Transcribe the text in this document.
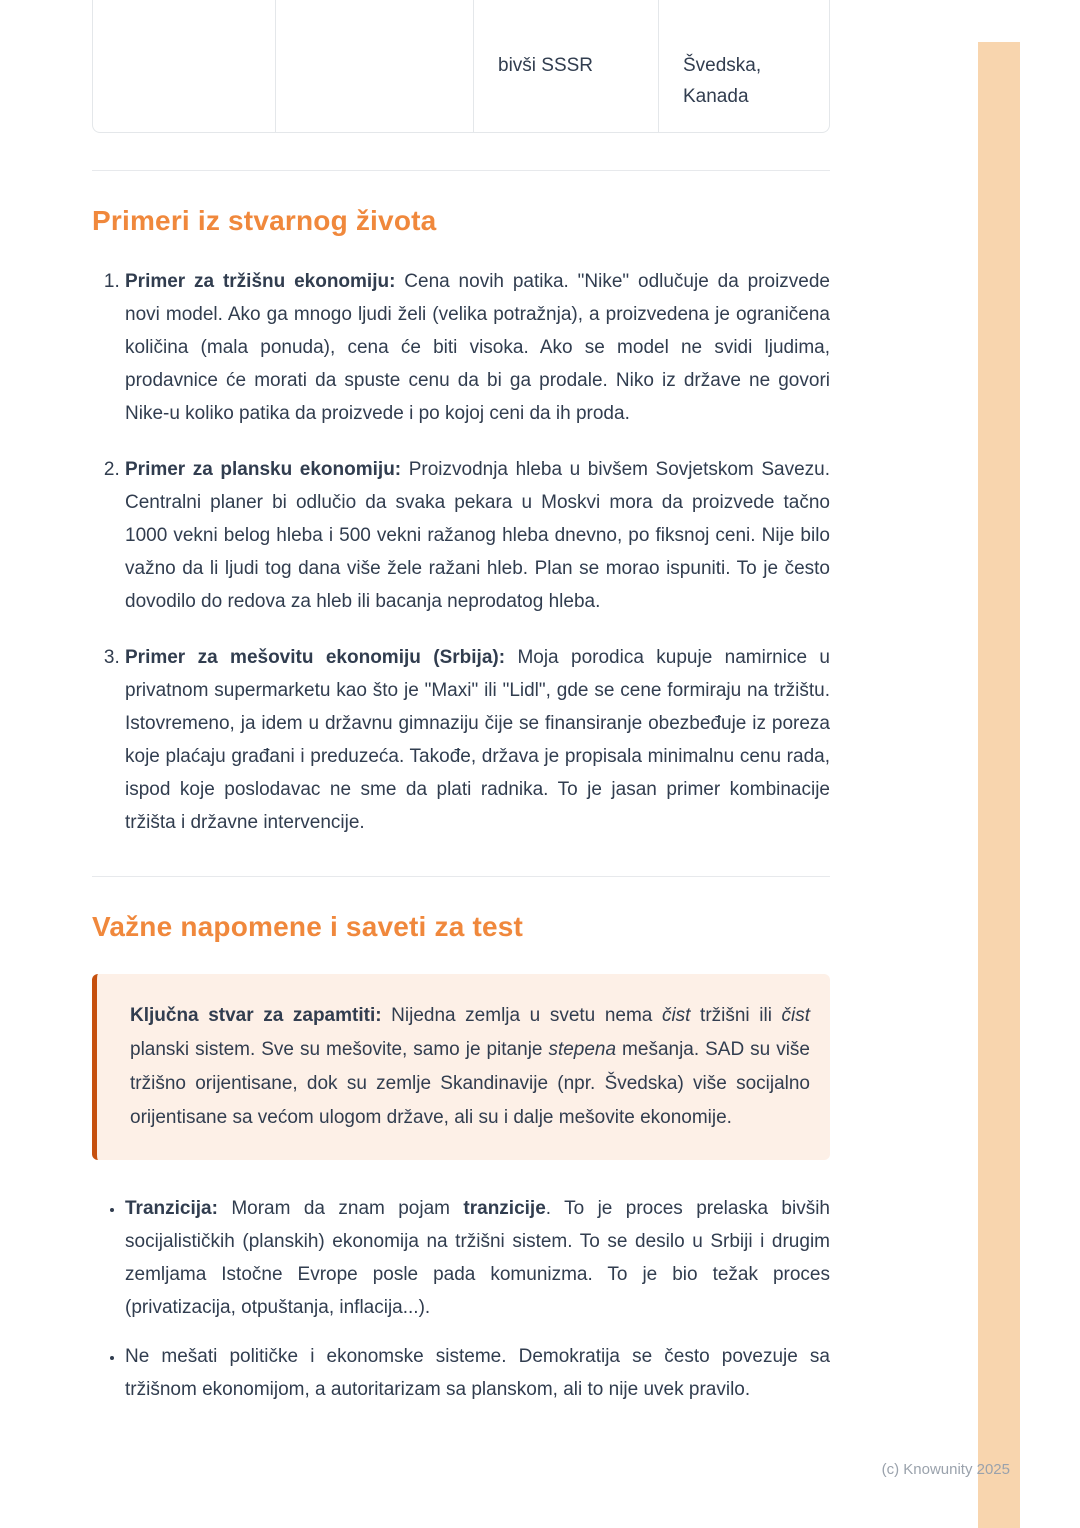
bivši SSSR	Švedska, Kanada
Primeri iz stvarnog života
1. Primer za tržišnu ekonomiju: Cena novih patika. "Nike" odlučuje da proizvede novi model. Ako ga mnogo ljudi želi (velika potražnja), a proizvedena je ograničena količina (mala ponuda), cena će biti visoka. Ako se model ne svidi ljudima, prodavnice će morati da spuste cenu da bi ga prodale. Niko iz države ne govori Nike-u koliko patika da proizvede i po kojoj ceni da ih proda.
2. Primer za plansku ekonomiju: Proizvodnja hleba u bivšem Sovjetskom Savezu. Centralni planer bi odlučio da svaka pekara u Moskvi mora da proizvede tačno 1000 vekni belog hleba i 500 vekni ražanog hleba dnevno, po fiksnoj ceni. Nije bilo važno da li ljudi tog dana više žele ražani hleb. Plan se morao ispuniti. To je često dovodilo do redova za hleb ili bacanja neprodatog hleba.
3. Primer za mešovitu ekonomiju (Srbija): Moja porodica kupuje namirnice u privatnom supermarketu kao što je "Maxi" ili "Lidl", gde se cene formiraju na tržištu. Istovremeno, ja idem u državnu gimnaziju čije se finansiranje obezbeđuje iz poreza koje plaćaju građani i preduzeća. Takođe, država je propisala minimalnu cenu rada, ispod koje poslodavac ne sme da plati radnika. To je jasan primer kombinacije tržišta i državne intervencije.
Važne napomene i saveti za test

Ključna stvar za zapamtiti: Nijedna zemlja u svetu nema čist tržišni ili čist planski sistem. Sve su mešovite, samo je pitanje stepena mešanja. SAD su više tržišno orijentisane, dok su zemlje Skandinavije (npr. Švedska) više socijalno orijentisane sa većom ulogom države, ali su i dalje mešovite ekonomije.

• Tranzicija: Moram da znam pojam tranzicije. To je proces prelaska bivših socijalističkih (planskih) ekonomija na tržišni sistem. To se desilo u Srbiji i drugim zemljama Istočne Evrope posle pada komunizma. To je bio težak proces (privatizacija, otpuštanja, inflacija...).

• Ne mešati političke i ekonomske sisteme. Demokratija se često povezuje sa tržišnom ekonomijom, a autoritarizam sa planskom, ali to nije uvek pravilo.

(c) Knowunity 2025
